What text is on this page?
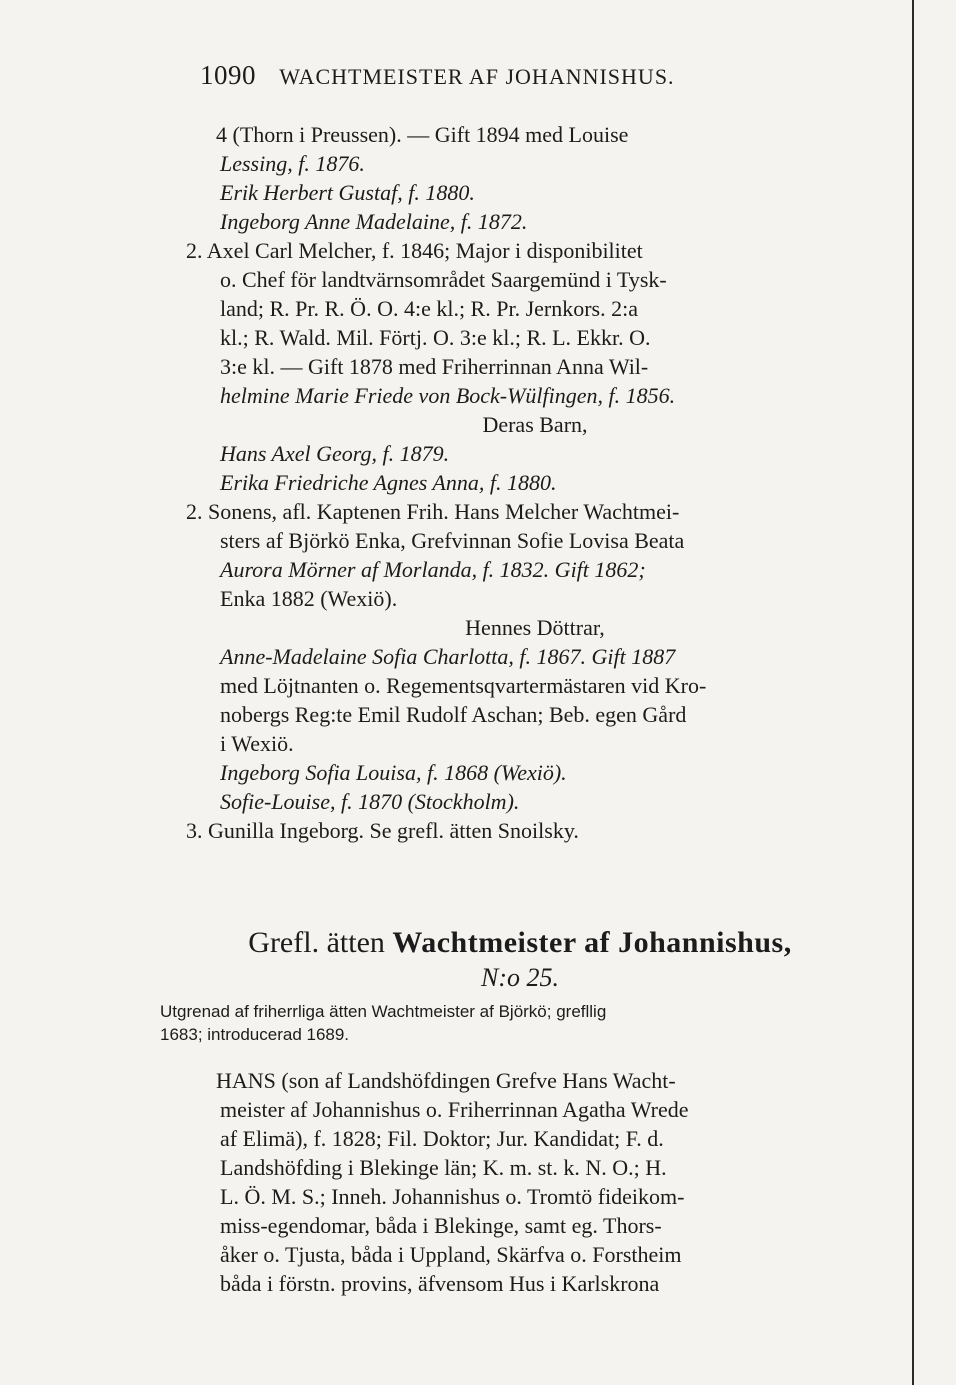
1090 WACHTMEISTER AF JOHANNISHUS.
4 (Thorn i Preussen). — Gift 1894 med Louise
Lessing, f. 1876.
Erik Herbert Gustaf, f. 1880.
Ingeborg Anne Madelaine, f. 1872.
2. Axel Carl Melcher, f. 1846; Major i disponibilitet
o. Chef för landtvärnsområdet Saargemünd i Tysk-
land; R. Pr. R. Ö. O. 4:e kl.; R. Pr. Jernkors. 2:a
kl.; R. Wald. Mil. Förtj. O. 3:e kl.; R. L. Ekkr. O.
3:e kl. — Gift 1878 med Friherrinnan Anna Wil-
helmine Marie Friede von Bock-Wülfingen, f. 1856.
Deras Barn,
Hans Axel Georg, f. 1879.
Erika Friedriche Agnes Anna, f. 1880.
2. Sonens, afl. Kaptenen Frih. Hans Melcher Wachtmei-
sters af Björkö Enka, Grefvinnan Sofie Lovisa Beata
Aurora Mörner af Morlanda, f. 1832. Gift 1862;
Enka 1882 (Wexiö).
Hennes Döttrar,
Anne-Madelaine Sofia Charlotta, f. 1867. Gift 1887
med Löjtnanten o. Regementsqvartermästaren vid Kro-
nobergs Reg:te Emil Rudolf Aschan; Beb. egen Gård
i Wexiö.
Ingeborg Sofia Louisa, f. 1868 (Wexiö).
Sofie-Louise, f. 1870 (Stockholm).
3. Gunilla Ingeborg. Se grefl. ätten Snoilsky.
Grefl. ätten Wachtmeister af Johannishus,
N:o 25.
Utgrenad af friherrliga ätten Wachtmeister af Björkö; grefllig
1683; introducerad 1689.
HANS (son af Landshöfdingen Grefve Hans Wacht-
meister af Johannishus o. Friherrinnan Agatha Wrede
af Elimä), f. 1828; Fil. Doktor; Jur. Kandidat; F. d.
Landshöfding i Blekinge län; K. m. st. k. N. O.; H.
L. Ö. M. S.; Inneh. Johannishus o. Tromtö fideikom-
miss-egendomar, båda i Blekinge, samt eg. Thors-
åker o. Tjusta, båda i Uppland, Skärfva o. Forstheim
båda i förstn. provins, äfvensom Hus i Karlskrona
